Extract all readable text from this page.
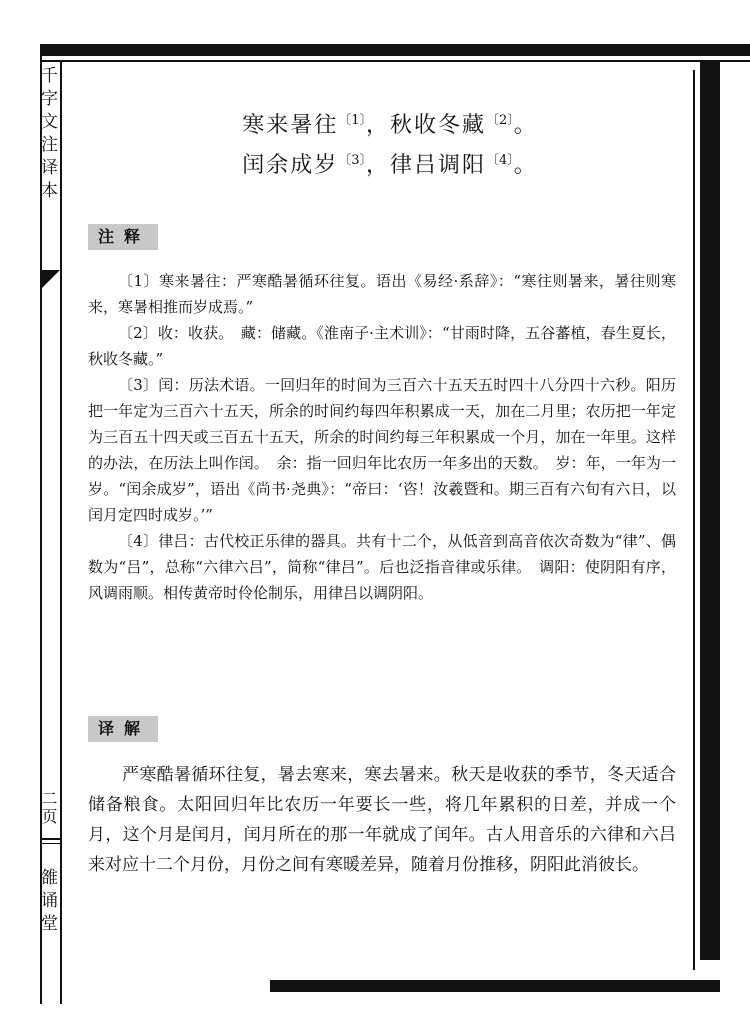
千字文注译本
二页
雒诵堂
寒来暑往$^{〔1〕}$，秋收冬藏$^{〔2〕}$。
闰余成岁$^{〔3〕}$，律吕调阳$^{〔4〕}$。
注释

〔1〕寒来暑往：严寒酷暑循环往复。语出《易经·系辞》：“寒往则暑来，暑往则寒来，寒暑相推而岁成焉。”

〔2〕收：收获。　藏：储藏。《淮南子·主术训》：“甘雨时降，五谷蕃植，春生夏长，秋收冬藏。”

〔3〕闰：历法术语。一回归年的时间为三百六十五天五时四十八分四十六秒。阳历把一年定为三百六十五天，所余的时间约每四年积累成一天，加在二月里；农历把一年定为三百五十四天或三百五十五天，所余的时间约每三年积累成一个月，加在一年里。这样的办法，在历法上叫作闰。　余：指一回归年比农历一年多出的天数。　岁：年，一年为一岁。“闰余成岁”，语出《尚书·尧典》：“帝曰：‘咨！汝羲暨和。期三百有六旬有六日，以闰月定四时成岁。’”

〔4〕律吕：古代校正乐律的器具。共有十二个，从低音到高音依次奇数为“律”、偶数为“吕”，总称“六律六吕”，简称“律吕”。后也泛指音律或乐律。　调阳：使阴阳有序，风调雨顺。相传黄帝时伶伦制乐，用律吕以调阴阳。

译解

严寒酷暑循环往复，暑去寒来，寒去暑来。秋天是收获的季节，冬天适合储备粮食。太阳回归年比农历一年要长一些，将几年累积的日差，并成一个月，这个月是闰月，闰月所在的那一年就成了闰年。古人用音乐的六律和六吕来对应十二个月份，月份之间有寒暖差异，随着月份推移，阴阳此消彼长。
